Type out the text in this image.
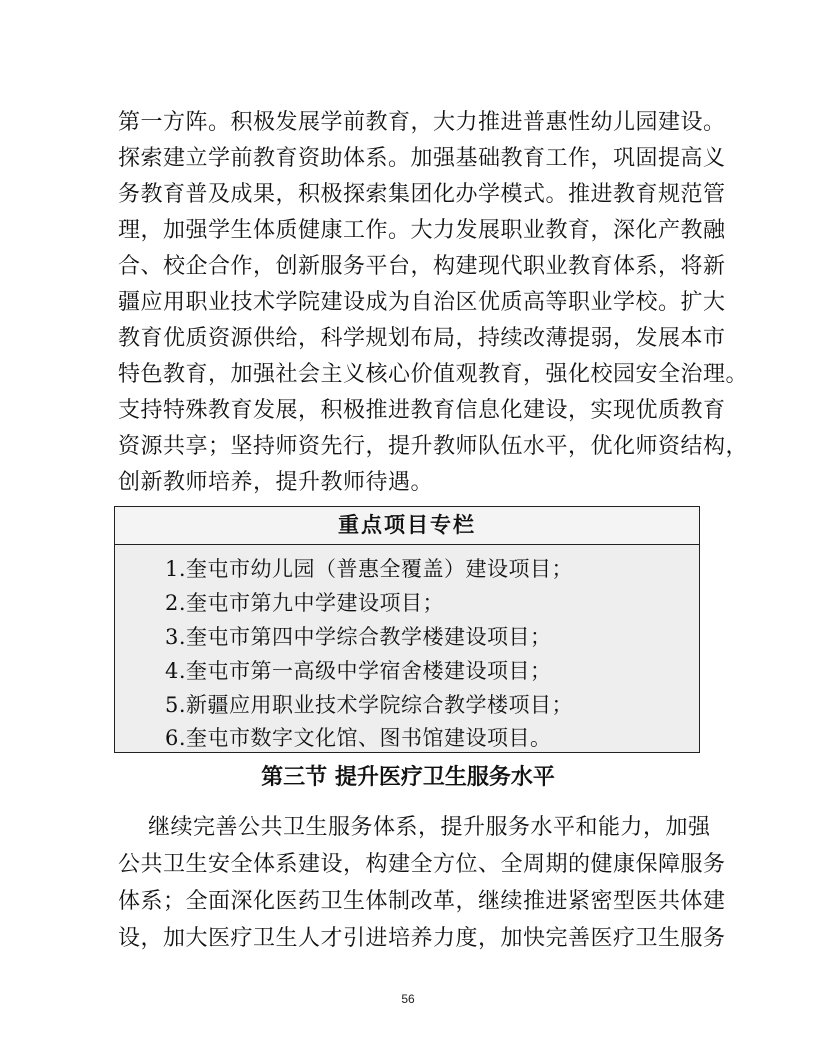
第一方阵。积极发展学前教育，大力推进普惠性幼儿园建设。
探索建立学前教育资助体系。加强基础教育工作，巩固提高义
务教育普及成果，积极探索集团化办学模式。推进教育规范管
理，加强学生体质健康工作。大力发展职业教育，深化产教融
合、校企合作，创新服务平台，构建现代职业教育体系，将新
疆应用职业技术学院建设成为自治区优质高等职业学校。扩大
教育优质资源供给，科学规划布局，持续改薄提弱，发展本市
特色教育，加强社会主义核心价值观教育，强化校园安全治理。
支持特殊教育发展，积极推进教育信息化建设，实现优质教育
资源共享；坚持师资先行，提升教师队伍水平，优化师资结构，
创新教师培养，提升教师待遇。
重点项目专栏
1.奎屯市幼儿园（普惠全覆盖）建设项目；
2.奎屯市第九中学建设项目；
3.奎屯市第四中学综合教学楼建设项目；
4.奎屯市第一高级中学宿舍楼建设项目；
5.新疆应用职业技术学院综合教学楼项目；
6.奎屯市数字文化馆、图书馆建设项目。
第三节 提升医疗卫生服务水平
继续完善公共卫生服务体系，提升服务水平和能力，加强
公共卫生安全体系建设，构建全方位、全周期的健康保障服务
体系；全面深化医药卫生体制改革，继续推进紧密型医共体建
设，加大医疗卫生人才引进培养力度，加快完善医疗卫生服务
56
